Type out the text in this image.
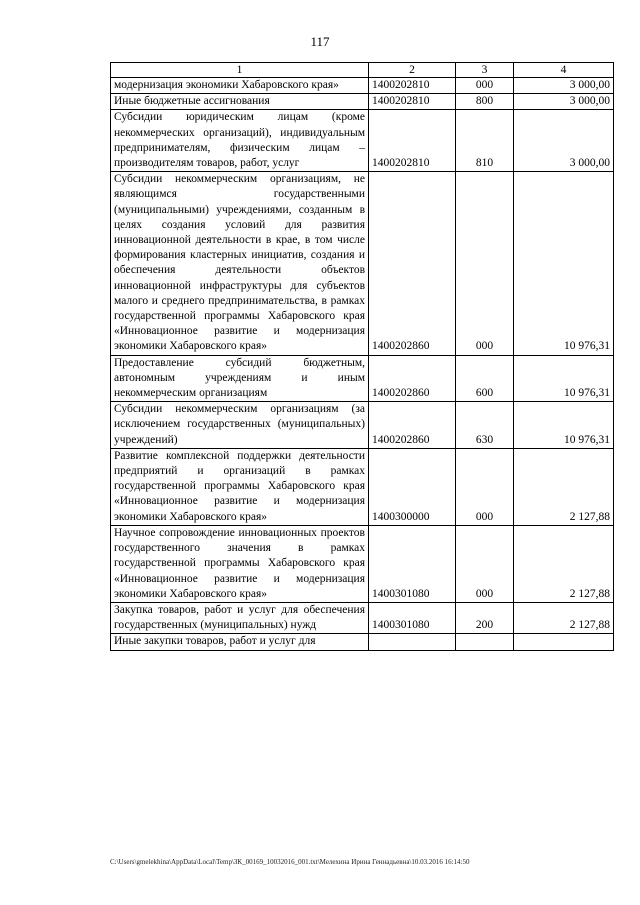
117
1	2	3	4
модернизация экономики Хабаровского края»	1400202810	000	3 000,00
Иные бюджетные ассигнования	1400202810	800	3 000,00
Субсидии юридическим лицам (кроме некоммерческих организаций), индивидуальным предпринимателям, физическим лицам – производителям товаров, работ, услуг	1400202810	810	3 000,00
Субсидии некоммерческим организациям, не являющимся государственными (муниципальными) учреждениями, созданным в целях создания условий для развития инновационной деятельности в крае, в том числе формирования кластерных инициатив, создания и обеспечения деятельности объектов инновационной инфраструктуры для субъектов малого и среднего предпринимательства, в рамках государственной программы Хабаровского края «Инновационное развитие и модернизация экономики Хабаровского края»	1400202860	000	10 976,31
Предоставление субсидий бюджетным, автономным учреждениям и иным некоммерческим организациям	1400202860	600	10 976,31
Субсидии некоммерческим организациям (за исключением государственных (муниципальных) учреждений)	1400202860	630	10 976,31
Развитие комплексной поддержки деятельности предприятий и организаций в рамках государственной программы Хабаровского края «Инновационное развитие и модернизация экономики Хабаровского края»	1400300000	000	2 127,88
Научное сопровождение инновационных проектов государственного значения в рамках государственной программы Хабаровского края «Инновационное развитие и модернизация экономики Хабаровского края»	1400301080	000	2 127,88
Закупка товаров, работ и услуг для обеспечения государственных (муниципальных) нужд	1400301080	200	2 127,88
Иные закупки товаров, работ и услуг для			
C:\Users\gmelekhina\AppData\Local\Temp\ЗК_00169_10032016_001.txt\Мелехина Ирина Геннадьевна\10.03.2016 16:14:50
